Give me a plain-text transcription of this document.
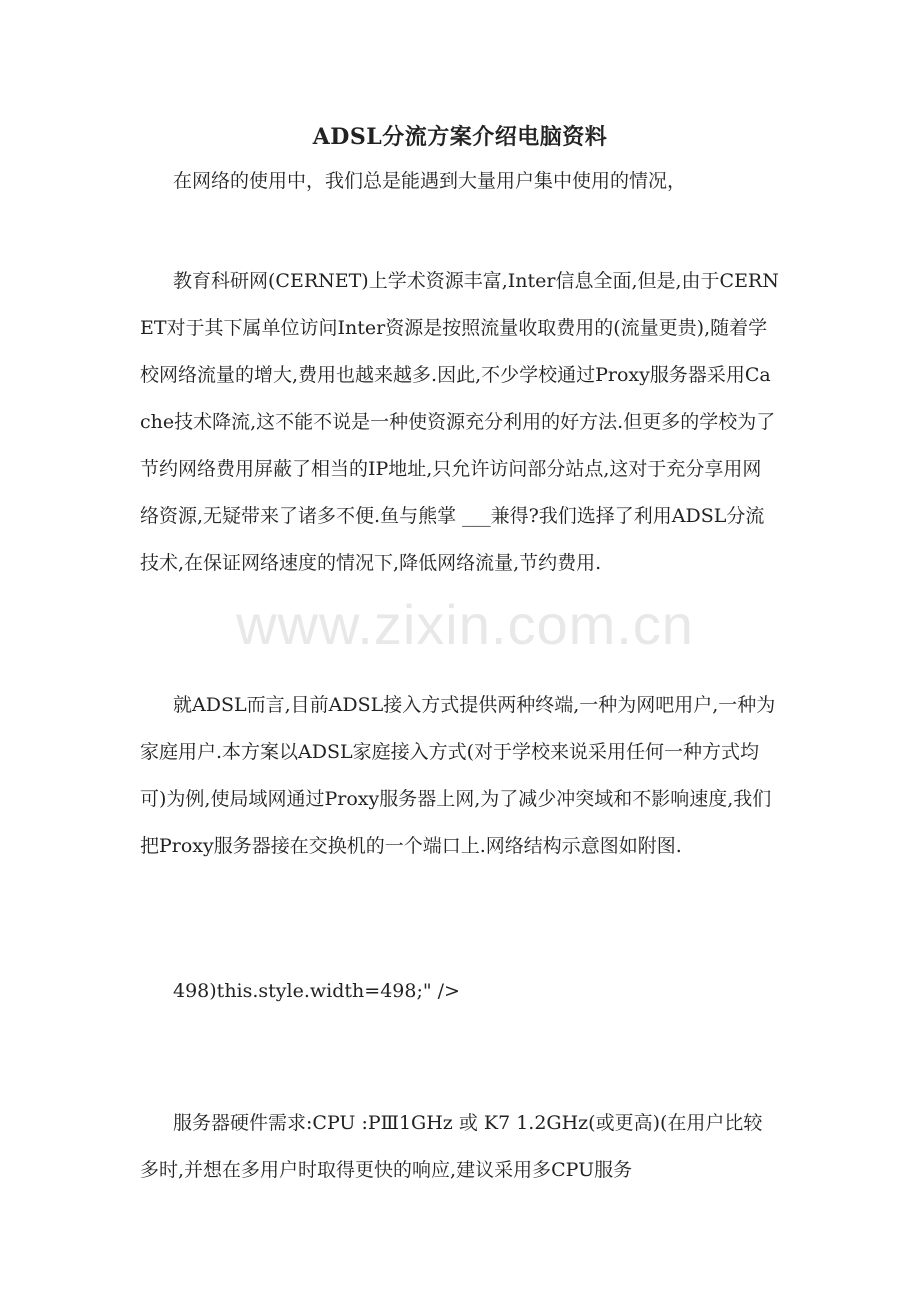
ADSL分流方案介绍电脑资料

在网络的使用中，我们总是能遇到大量用户集中使用的情况，

教育科研网(CERNET)上学术资源丰富,Inter信息全面,但是,由于CERNET对于其下属单位访问Inter资源是按照流量收取费用的(流量更贵),随着学校网络流量的增大,费用也越来越多.因此,不少学校通过Proxy服务器采用Cache技术降流,这不能不说是一种使资源充分利用的好方法.但更多的学校为了节约网络费用屏蔽了相当的IP地址,只允许访问部分站点,这对于充分享用网络资源,无疑带来了诸多不便.鱼与熊掌 ___兼得?我们选择了利用ADSL分流技术,在保证网络速度的情况下,降低网络流量,节约费用.

就ADSL而言,目前ADSL接入方式提供两种终端,一种为网吧用户,一种为家庭用户.本方案以ADSL家庭接入方式(对于学校来说采用任何一种方式均可)为例,使局域网通过Proxy服务器上网,为了减少冲突域和不影响速度,我们把Proxy服务器接在交换机的一个端口上.网络结构示意图如附图.

498)this.style.width=498;" />

服务器硬件需求:CPU :PⅢ1GHz 或 K7 1.2GHz(或更高)(在用户比较多时,并想在多用户时取得更快的响应,建议采用多CPU服务

www.zixin.com.cn
